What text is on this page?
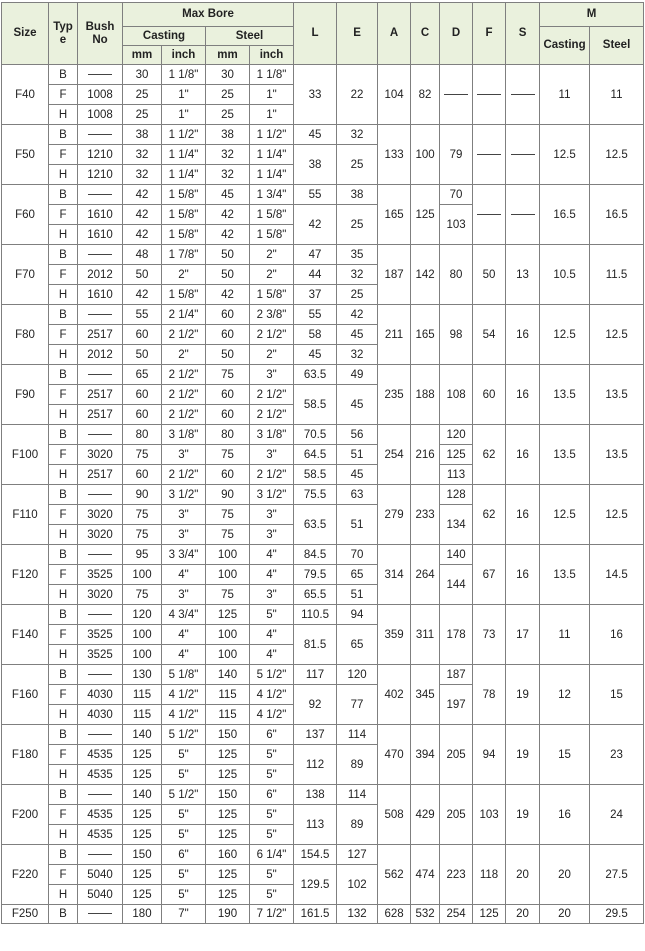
Size	Typ e	Bush No	Max Bore				L	E	A	C	D	F	S	M	
			Casting		Steel									Casting	Steel
			mm	inch	mm	inch									
F40	B		30	1 1/8"	30	1 1/8"	33	22	104	82				11	11
	F	1008	25	1"	25	1"									
	H	1008	25	1"	25	1"									
F50	B		38	1 1/2"	38	1 1/2"	45	32	133	100	79			12.5	12.5
	F	1210	32	1 1/4"	32	1 1/4"	38	25							
	H	1210	32	1 1/4"	32	1 1/4"									
F60	B		42	1 5/8"	45	1 3/4"	55	38	165	125	70			16.5	16.5
	F	1610	42	1 5/8"	42	1 5/8"	42	25			103				
	H	1610	42	1 5/8"	42	1 5/8"									
F70	B		48	1 7/8"	50	2"	47	35	187	142	80	50	13	10.5	11.5
	F	2012	50	2"	50	2"	44	32							
	H	1610	42	1 5/8"	42	1 5/8"	37	25							
F80	B		55	2 1/4"	60	2 3/8"	55	42	211	165	98	54	16	12.5	12.5
	F	2517	60	2 1/2"	60	2 1/2"	58	45							
	H	2012	50	2"	50	2"	45	32							
F90	B		65	2 1/2"	75	3"	63.5	49	235	188	108	60	16	13.5	13.5
	F	2517	60	2 1/2"	60	2 1/2"	58.5	45							
	H	2517	60	2 1/2"	60	2 1/2"									
F100	B		80	3 1/8"	80	3 1/8"	70.5	56	254	216	120	62	16	13.5	13.5
	F	3020	75	3"	75	3"	64.5	51			125				
	H	2517	60	2 1/2"	60	2 1/2"	58.5	45			113				
F110	B		90	3 1/2"	90	3 1/2"	75.5	63	279	233	128	62	16	12.5	12.5
	F	3020	75	3"	75	3"	63.5	51			134				
	H	3020	75	3"	75	3"									
F120	B		95	3 3/4"	100	4"	84.5	70	314	264	140	67	16	13.5	14.5
	F	3525	100	4"	100	4"	79.5	65			144				
	H	3020	75	3"	75	3"	65.5	51							
F140	B		120	4 3/4"	125	5"	110.5	94	359	311	178	73	17	11	16
	F	3525	100	4"	100	4"	81.5	65							
	H	3525	100	4"	100	4"									
F160	B		130	5 1/8"	140	5 1/2"	117	120	402	345	187	78	19	12	15
	F	4030	115	4 1/2"	115	4 1/2"	92	77			197				
	H	4030	115	4 1/2"	115	4 1/2"									
F180	B		140	5 1/2"	150	6"	137	114	470	394	205	94	19	15	23
	F	4535	125	5"	125	5"	112	89							
	H	4535	125	5"	125	5"									
F200	B		140	5 1/2"	150	6"	138	114	508	429	205	103	19	16	24
	F	4535	125	5"	125	5"	113	89							
	H	4535	125	5"	125	5"									
F220	B		150	6"	160	6 1/4"	154.5	127	562	474	223	118	20	20	27.5
	F	5040	125	5"	125	5"	129.5	102							
	H	5040	125	5"	125	5"									
F250	B		180	7"	190	7 1/2"	161.5	132	628	532	254	125	20	20	29.5
